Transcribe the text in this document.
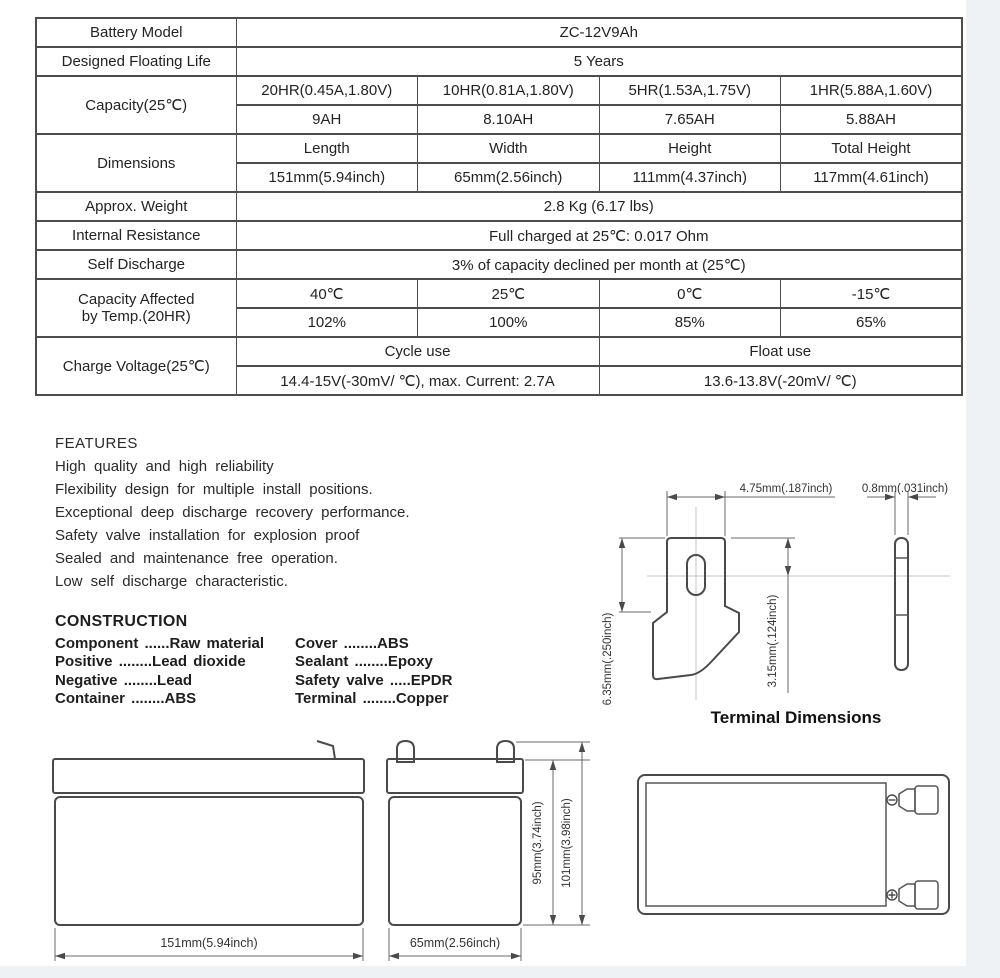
Battery Model	ZC-12V9Ah			
Designed Floating Life	5 Years			
Capacity(25℃)	20HR(0.45A,1.80V)	10HR(0.81A,1.80V)	5HR(1.53A,1.75V)	1HR(5.88A,1.60V)
	9AH	8.10AH	7.65AH	5.88AH
Dimensions	Length	Width	Height	Total Height
	151mm(5.94inch)	65mm(2.56inch)	111mm(4.37inch)	117mm(4.61inch)
Approx. Weight	2.8 Kg (6.17 lbs)			
Internal Resistance	Full charged at 25℃: 0.017 Ohm			
Self Discharge	3% of capacity declined per month at (25℃)			

Capacity Affected
by Temp.(20HR)	40℃	25℃	0℃	-15℃
	102%	100%	85%	65%
Charge Voltage(25℃)	Cycle use		Float use	
	14.4-15V(-30mV/ ℃), max. Current: 2.7A		13.6-13.8V(-20mV/ ℃)	
FEATURES
High quality and high reliability
Flexibility design for multiple install positions.
Exceptional deep discharge recovery performance.
Safety valve installation for explosion proof
Sealed and maintenance free operation.
Low self discharge characteristic.
CONSTRUCTION
Component ......Raw material
Positive ........Lead dioxide
Negative ........Lead
Container ........ABS
Cover ........ABS
Sealant ........Epoxy
Safety valve .....EPDR
Terminal ........Copper
4.75mm(.187inch)	0.8mm(.031inch)
6.35mm(.250inch)	3.15mm(.124inch)
Terminal Dimensions
151mm(5.94inch)	65mm(2.56inch)
95mm(3.74inch) 101mm(3.98inch)
